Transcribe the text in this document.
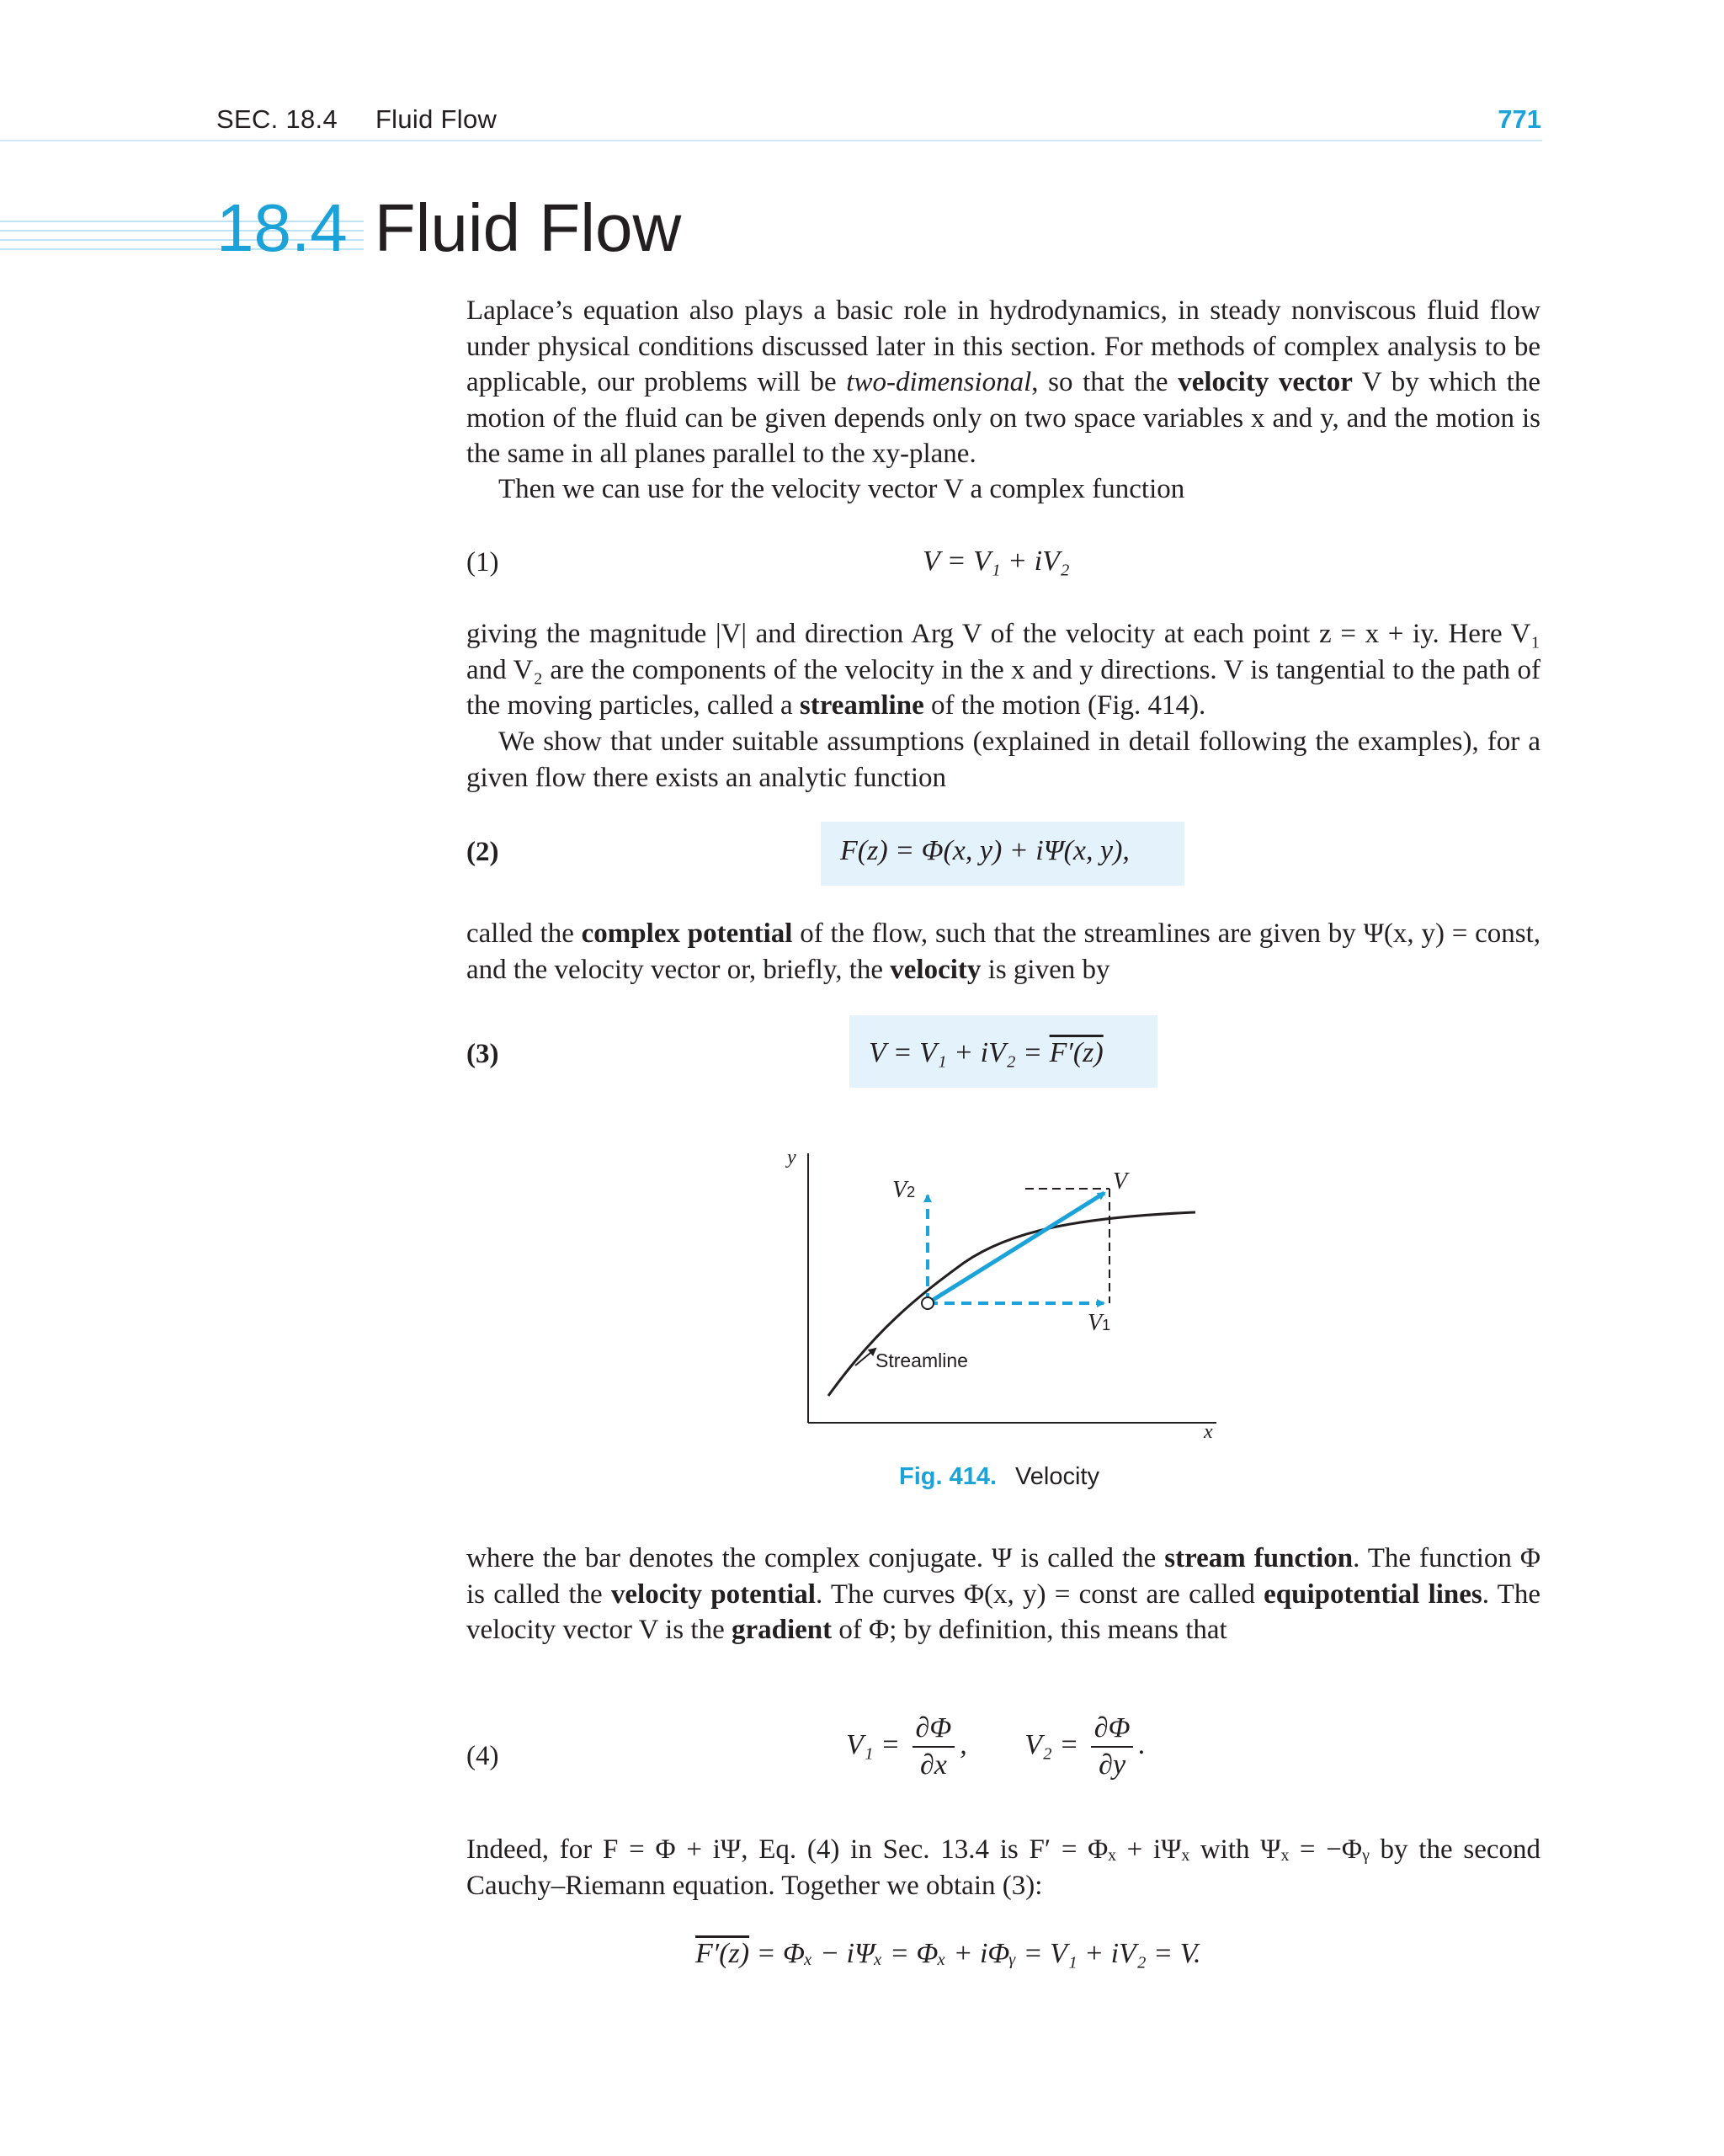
SEC. 18.4 Fluid Flow	771
18.4 Fluid Flow
Laplace’s equation also plays a basic role in hydrodynamics, in steady nonviscous fluid flow under physical conditions discussed later in this section. For methods of complex analysis to be applicable, our problems will be two-dimensional, so that the velocity vector V by which the motion of the fluid can be given depends only on two space variables x and y, and the motion is the same in all planes parallel to the xy-plane.
Then we can use for the velocity vector V a complex function
(1)	V = V₁ + iV₂
giving the magnitude |V| and direction Arg V of the velocity at each point z = x + iy. Here V₁ and V₂ are the components of the velocity in the x and y directions. V is tangential to the path of the moving particles, called a streamline of the motion (Fig. 414).
We show that under suitable assumptions (explained in detail following the examples), for a given flow there exists an analytic function
(2)	F(z) = Φ(x, y) + iΨ(x, y),
called the complex potential of the flow, such that the streamlines are given by Ψ(x, y) = const, and the velocity vector or, briefly, the velocity is given by
(3)	V = V₁ + iV₂ = F′(z)
y
x
V
V2
V1
Streamline
Fig. 414. Velocity
where the bar denotes the complex conjugate. Ψ is called the stream function. The function Φ is called the velocity potential. The curves Φ(x, y) = const are called equipotential lines. The velocity vector V is the gradient of Φ; by definition, this means that
(4)	$V_1 = \frac{\partial\Phi}{\partial x}$ , $V_2 = \frac{\partial\Phi}{\partial y}$ .
Indeed, for F = Φ + iΨ, Eq. (4) in Sec. 13.4 is F′ = Φₓ + iΨₓ with Ψₓ = −Φᵧ by the second Cauchy–Riemann equation. Together we obtain (3):
F′(z) = Φₓ − iΨₓ = Φₓ + iΦᵧ = V₁ + iV₂ = V.
